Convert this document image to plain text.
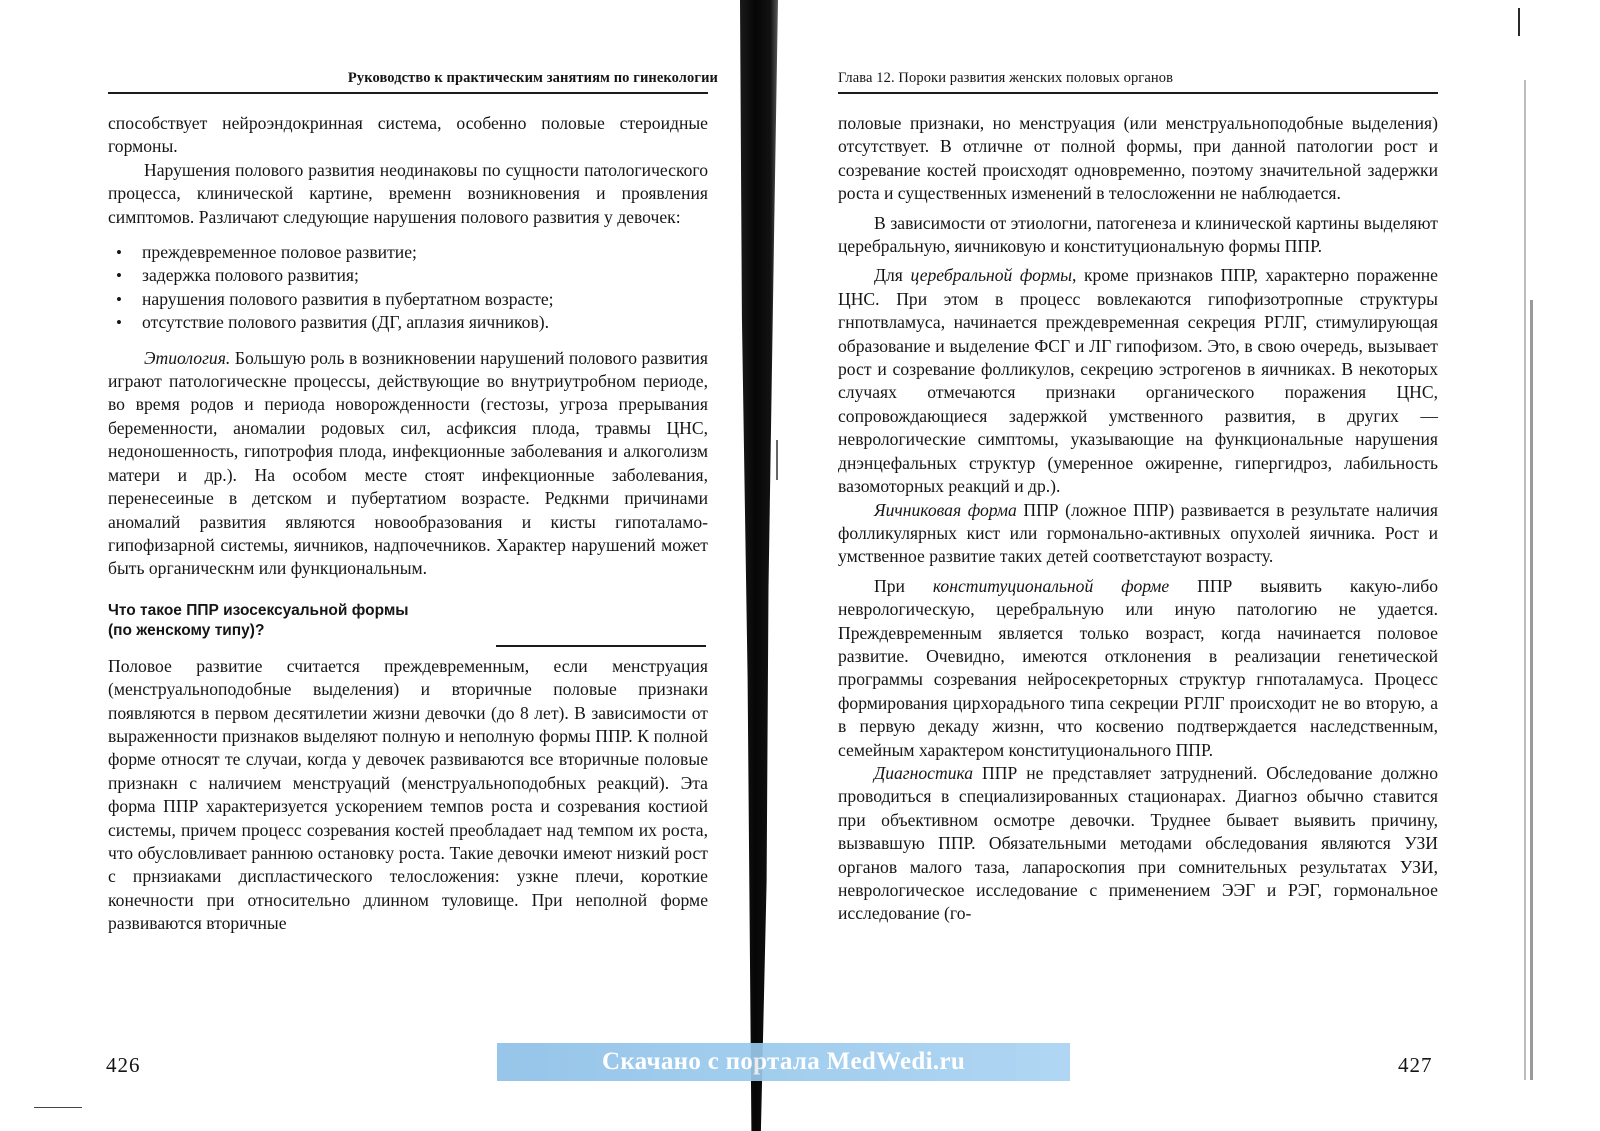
Руководство к практическим занятиям по гинекологии

способствует нейроэндокринная система, особенно половые стероидные гормоны.

Нарушения полового развития неодинаковы по сущности патологического процесса, клинической картине, временн возникновения и проявления симптомов. Различают следующие нарушения полового развития у девочек:

• преждевременное половое развитие;
• задержка полового развития;
• нарушения полового развития в пубертатном возрасте;
• отсутствие полового развития (ДГ, аплазия яичников).

Этиология. Большую роль в возникновении нарушений полового развития играют патологическне процессы, действующие во внутриутробном периоде, во время родов и периода новорожденности (гестозы, угроза прерывания беременности, аномалии родовых сил, асфиксия плода, травмы ЦНС, недоношенность, гипотрофия плода, инфекционные заболевания и алкоголизм матери и др.). На особом месте стоят инфекционные заболевания, перенесеиные в детском и пубертатиом возрасте. Редкнми причинами аномалий развития являются новообразования и кисты гипоталамо-гипофизарной системы, яичников, надпочечников. Характер нарушений может быть органическнм или функциональным.

Что такое ППР изосексуальной формы
(по женскому типу)?

Половое развитие считается преждевременным, если менструация (менструальноподобные выделения) и вторичные половые признаки появляются в первом десятилетии жизни девочки (до 8 лет). В зависимости от выраженности признаков выделяют полную и неполную формы ППР. К полной форме относят те случаи, когда у девочек развиваются все вторичные половые признакн с наличием менструаций (менструальноподобных реакций). Эта форма ППР характеризуется ускорением темпов роста и созревания костиой системы, причем процесс созревания костей преобладает над темпом их роста, что обусловливает раннюю остановку роста. Такие девочки имеют низкий рост с прнзиаками диспластического телосложения: узкне плечи, короткие конечности при относительно длинном туловище. При неполной форме развиваются вторичные

426
Глава 12. Пороки развития женских половых органов

половые признаки, но менструация (или менструальноподобные выделения) отсутствует. В отличне от полной формы, при данной патологии рост и созревание костей происходят одновременно, поэтому значительной задержки роста и существенных изменений в телосложенни не наблюдается.

В зависимости от этиологни, патогенеза и клинической картины выделяют церебральную, яичниковую и конституциональную формы ППР.

Для церебральной формы, кроме признаков ППР, характерно пораженне ЦНС. При этом в процесс вовлекаются гипофизотропные структуры гнпотвламуса, начинается преждевременная секреция РГЛГ, стимулирующая образование и выделение ФСГ и ЛГ гипофизом. Это, в свою очередь, вызывает рост и созревание фолликулов, секрецию эстрогенов в яичниках. В некоторых случаях отмечаются признаки органического поражения ЦНС, сопровождающиеся задержкой умственного развития, в других — неврологические симптомы, указывающие на функциональные нарушения днэнцефальных структур (умеренное ожиренне, гипергидроз, лабильность вазомоторных реакций и др.).

Яичниковая форма ППР (ложное ППР) развивается в результате наличия фолликулярных кист или гормонально-активных опухолей яичника. Рост и умственное развитие таких детей соответстауют возрасту.

При конституциональной форме ППР выявить какую-либо неврологическую, церебральную или иную патологию не удается. Преждевременным является только возраст, когда начинается половое развитие. Очевидно, имеются отклонения в реализации генетической программы созревания нейросекреторных структур гнпоталамуса. Процесс формирования цирхорадьного типа секреции РГЛГ происходит не во вторую, а в первую декаду жизнн, что косвенио подтверждается наследственным, семейным характером конституционального ППР.

Диагностика ППР не представляет затруднений. Обследование должно проводиться в специализированных стационарах. Диагноз обычно ставится при объективном осмотре девочки. Труднее бывает выявить причину, вызвавшую ППР. Обязательными методами обследования являются УЗИ органов малого таза, лапароскопия при сомнительных результатах УЗИ, неврологическое исследование с применением ЭЭГ и РЭГ, гормональное исследование (го-

427
Скачано с портала MedWedi.ru
